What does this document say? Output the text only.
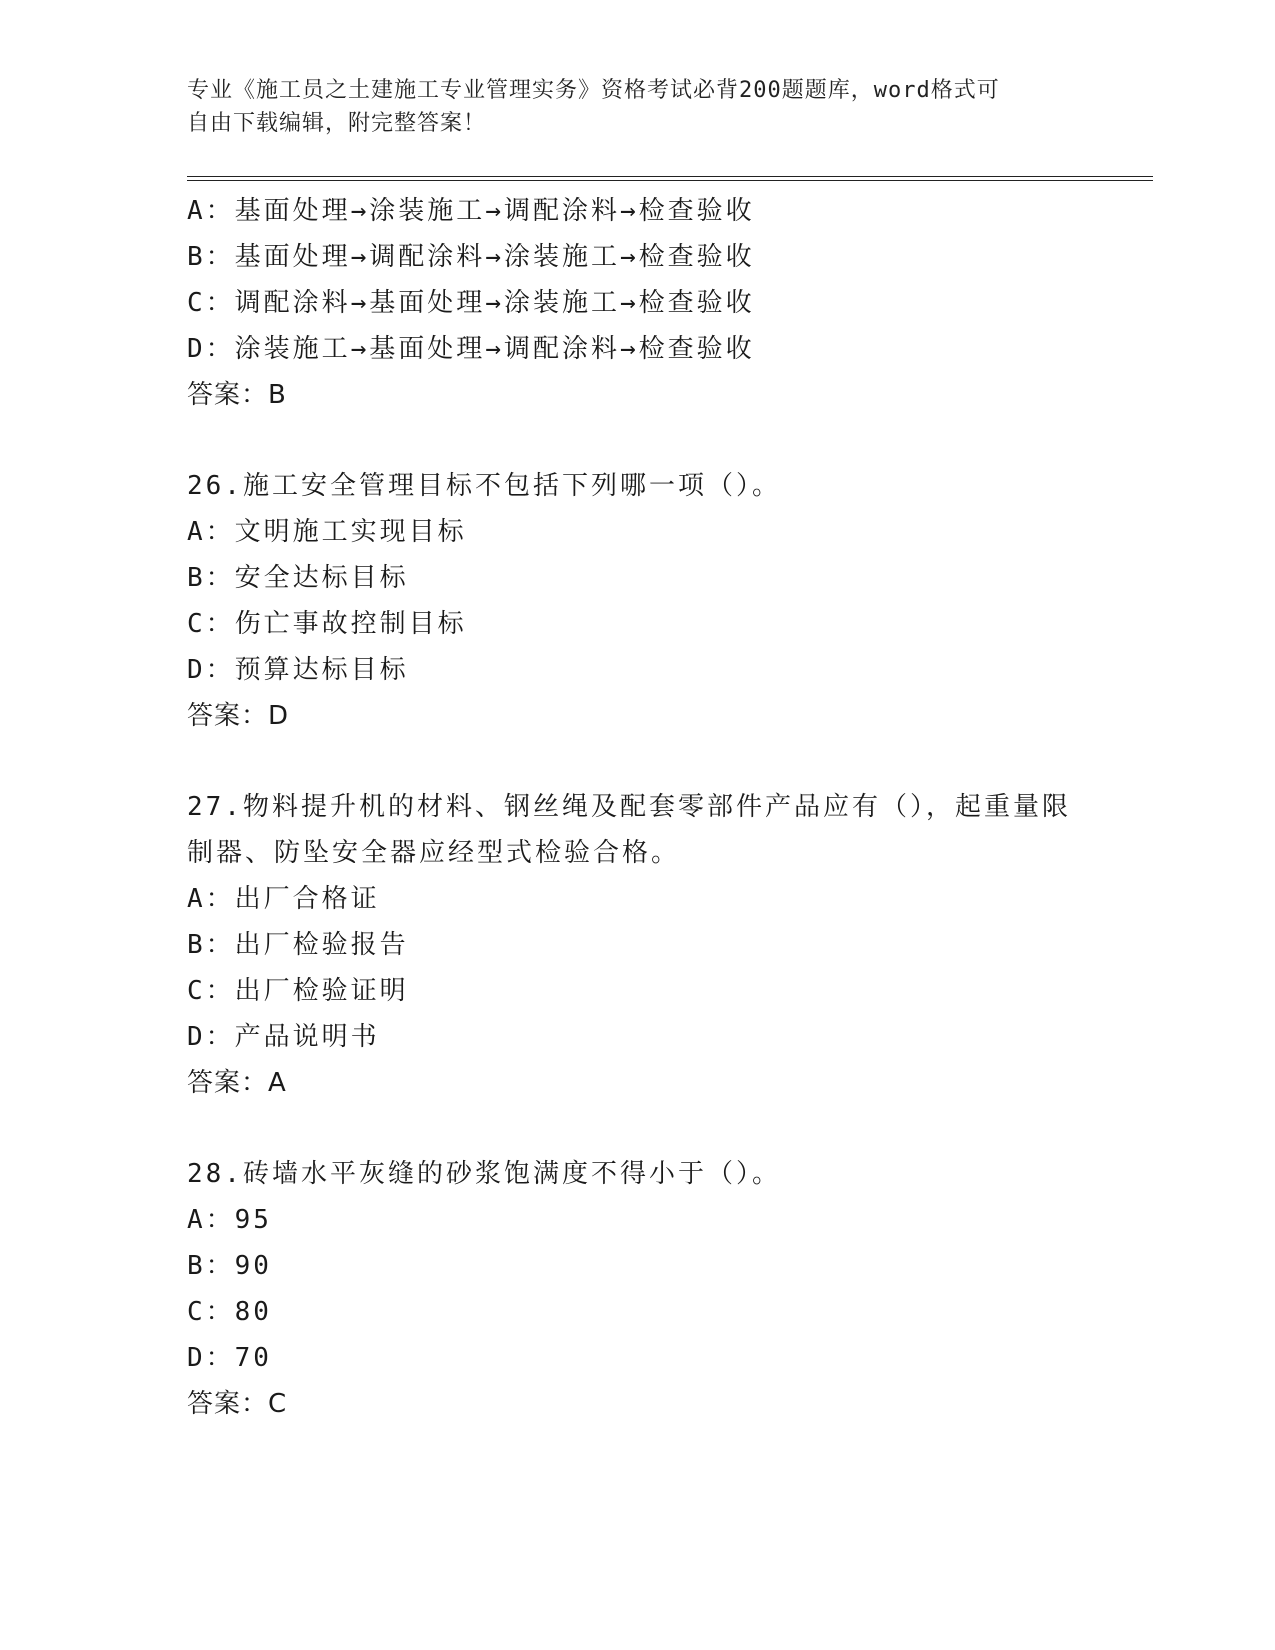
专业《施工员之土建施工专业管理实务》资格考试必背200题题库，word格式可
自由下载编辑，附完整答案！
A：基面处理→涂装施工→调配涂料→检查验收
B：基面处理→调配涂料→涂装施工→检查验收
C：调配涂料→基面处理→涂装施工→检查验收
D：涂装施工→基面处理→调配涂料→检查验收
答案：B
26.施工安全管理目标不包括下列哪一项（）。
A：文明施工实现目标
B：安全达标目标
C：伤亡事故控制目标
D：预算达标目标
答案：D
27.物料提升机的材料、钢丝绳及配套零部件产品应有（），起重量限
制器、防坠安全器应经型式检验合格。
A：出厂合格证
B：出厂检验报告
C：出厂检验证明
D：产品说明书
答案：A
28.砖墙水平灰缝的砂浆饱满度不得小于（）。
A：95
B：90
C：80
D：70
答案：C
